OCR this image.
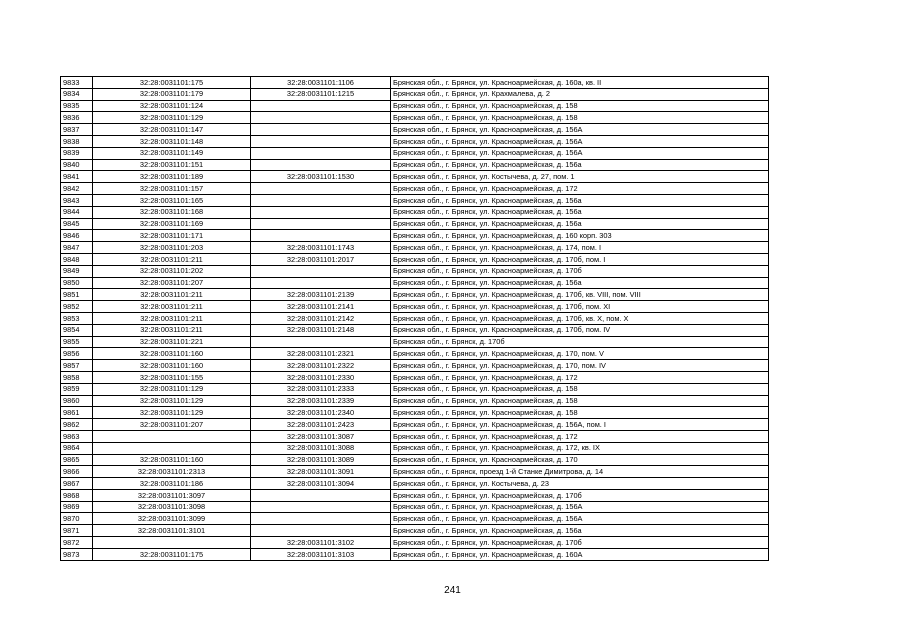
9833	32:28:0031101:175	32:28:0031101:1106	Брянская обл., г. Брянск, ул. Красноармейская, д. 160а, кв. II
9834	32:28:0031101:179	32:28:0031101:1215	Брянская обл., г. Брянск, ул. Крахмалева, д. 2
9835	32:28:0031101:124		Брянская обл., г. Брянск, ул. Красноармейская, д. 158
9836	32:28:0031101:129		Брянская обл., г. Брянск, ул. Красноармейская, д. 158
9837	32:28:0031101:147		Брянская обл., г. Брянск, ул. Красноармейская, д. 156А
9838	32:28:0031101:148		Брянская обл., г. Брянск, ул. Красноармейская, д. 156А
9839	32:28:0031101:149		Брянская обл., г. Брянск, ул. Красноармейская, д. 156А
9840	32:28:0031101:151		Брянская обл., г. Брянск, ул. Красноармейская, д. 156а
9841	32:28:0031101:189	32:28:0031101:1530	Брянская обл., г. Брянск, ул. Костычева, д. 27, пом. 1
9842	32:28:0031101:157		Брянская обл., г. Брянск, ул. Красноармейская, д. 172
9843	32:28:0031101:165		Брянская обл., г. Брянск, ул. Красноармейская, д. 156а
9844	32:28:0031101:168		Брянская обл., г. Брянск, ул. Красноармейская, д. 156а
9845	32:28:0031101:169		Брянская обл., г. Брянск, ул. Красноармейская, д. 156а
9846	32:28:0031101:171		Брянская обл., г. Брянск, ул. Красноармейская, д. 160 корп. 303
9847	32:28:0031101:203	32:28:0031101:1743	Брянская обл., г. Брянск, ул. Красноармейская, д. 174, пом. I
9848	32:28:0031101:211	32:28:0031101:2017	Брянская обл., г. Брянск, ул. Красноармейская, д. 170б, пом. I
9849	32:28:0031101:202		Брянская обл., г. Брянск, ул. Красноармейская, д. 170б
9850	32:28:0031101:207		Брянская обл., г. Брянск, ул. Красноармейская, д. 156а
9851	32:28:0031101:211	32:28:0031101:2139	Брянская обл., г. Брянск, ул. Красноармейская, д. 170б, кв. VIII, пом. VIII
9852	32:28:0031101:211	32:28:0031101:2141	Брянская обл., г. Брянск, ул. Красноармейская, д. 170б, пом. XI
9853	32:28:0031101:211	32:28:0031101:2142	Брянская обл., г. Брянск, ул. Красноармейская, д. 170б, кв. X, пом. X
9854	32:28:0031101:211	32:28:0031101:2148	Брянская обл., г. Брянск, ул. Красноармейская, д. 170б, пом. IV
9855	32:28:0031101:221		Брянская обл., г. Брянск, д. 170б
9856	32:28:0031101:160	32:28:0031101:2321	Брянская обл., г. Брянск, ул. Красноармейская, д. 170, пом. V
9857	32:28:0031101:160	32:28:0031101:2322	Брянская обл., г. Брянск, ул. Красноармейская, д. 170, пом. IV
9858	32:28:0031101:155	32:28:0031101:2330	Брянская обл., г. Брянск, ул. Красноармейская, д. 172
9859	32:28:0031101:129	32:28:0031101:2333	Брянская обл., г. Брянск, ул. Красноармейская, д. 158
9860	32:28:0031101:129	32:28:0031101:2339	Брянская обл., г. Брянск, ул. Красноармейская, д. 158
9861	32:28:0031101:129	32:28:0031101:2340	Брянская обл., г. Брянск, ул. Красноармейская, д. 158
9862	32:28:0031101:207	32:28:0031101:2423	Брянская обл., г. Брянск, ул. Красноармейская, д. 156А, пом. I
9863		32:28:0031101:3087	Брянская обл., г. Брянск, ул. Красноармейская, д. 172
9864		32:28:0031101:3088	Брянская обл., г. Брянск, ул. Красноармейская, д. 172, кв. IX
9865	32:28:0031101:160	32:28:0031101:3089	Брянская обл., г. Брянск, ул. Красноармейская, д. 170
9866	32:28:0031101:2313	32:28:0031101:3091	Брянская обл., г. Брянск, проезд 1-й Станке Димитрова, д. 14
9867	32:28:0031101:186	32:28:0031101:3094	Брянская обл., г. Брянск, ул. Костычева, д. 23
9868	32:28:0031101:3097		Брянская обл., г. Брянск, ул. Красноармейская, д. 170б
9869	32:28:0031101:3098		Брянская обл., г. Брянск, ул. Красноармейская, д. 156А
9870	32:28:0031101:3099		Брянская обл., г. Брянск, ул. Красноармейская, д. 156А
9871	32:28:0031101:3101		Брянская обл., г. Брянск, ул. Красноармейская, д. 156а
9872		32:28:0031101:3102	Брянская обл., г. Брянск, ул. Красноармейская, д. 170б
9873	32:28:0031101:175	32:28:0031101:3103	Брянская обл., г. Брянск, ул. Красноармейская, д. 160А
241
